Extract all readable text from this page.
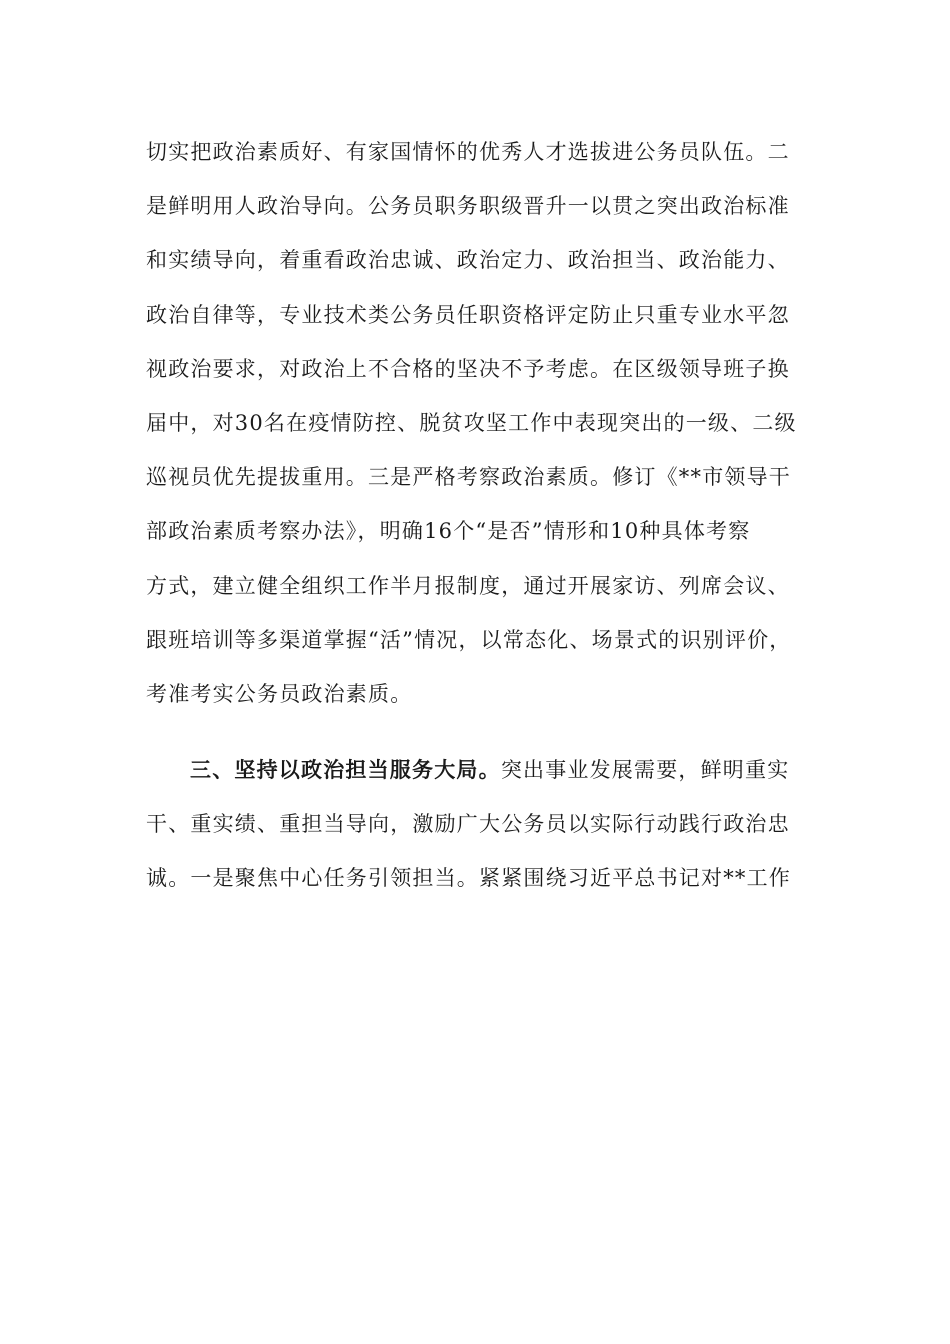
切实把政治素质好、有家国情怀的优秀人才选拔进公务员队伍。二
是鲜明用人政治导向。公务员职务职级晋升一以贯之突出政治标准
和实绩导向，着重看政治忠诚、政治定力、政治担当、政治能力、
政治自律等，专业技术类公务员任职资格评定防止只重专业水平忽
视政治要求，对政治上不合格的坚决不予考虑。在区级领导班子换
届中，对30名在疫情防控、脱贫攻坚工作中表现突出的一级、二级
巡视员优先提拔重用。三是严格考察政治素质。修订《**市领导干
部政治素质考察办法》，明确16个“是否”情形和10种具体考察
方式，建立健全组织工作半月报制度，通过开展家访、列席会议、
跟班培训等多渠道掌握“活”情况，以常态化、场景式的识别评价，
考准考实公务员政治素质。
三、坚持以政治担当服务大局。突出事业发展需要，鲜明重实
干、重实绩、重担当导向，激励广大公务员以实际行动践行政治忠
诚。一是聚焦中心任务引领担当。紧紧围绕习近平总书记对**工作
